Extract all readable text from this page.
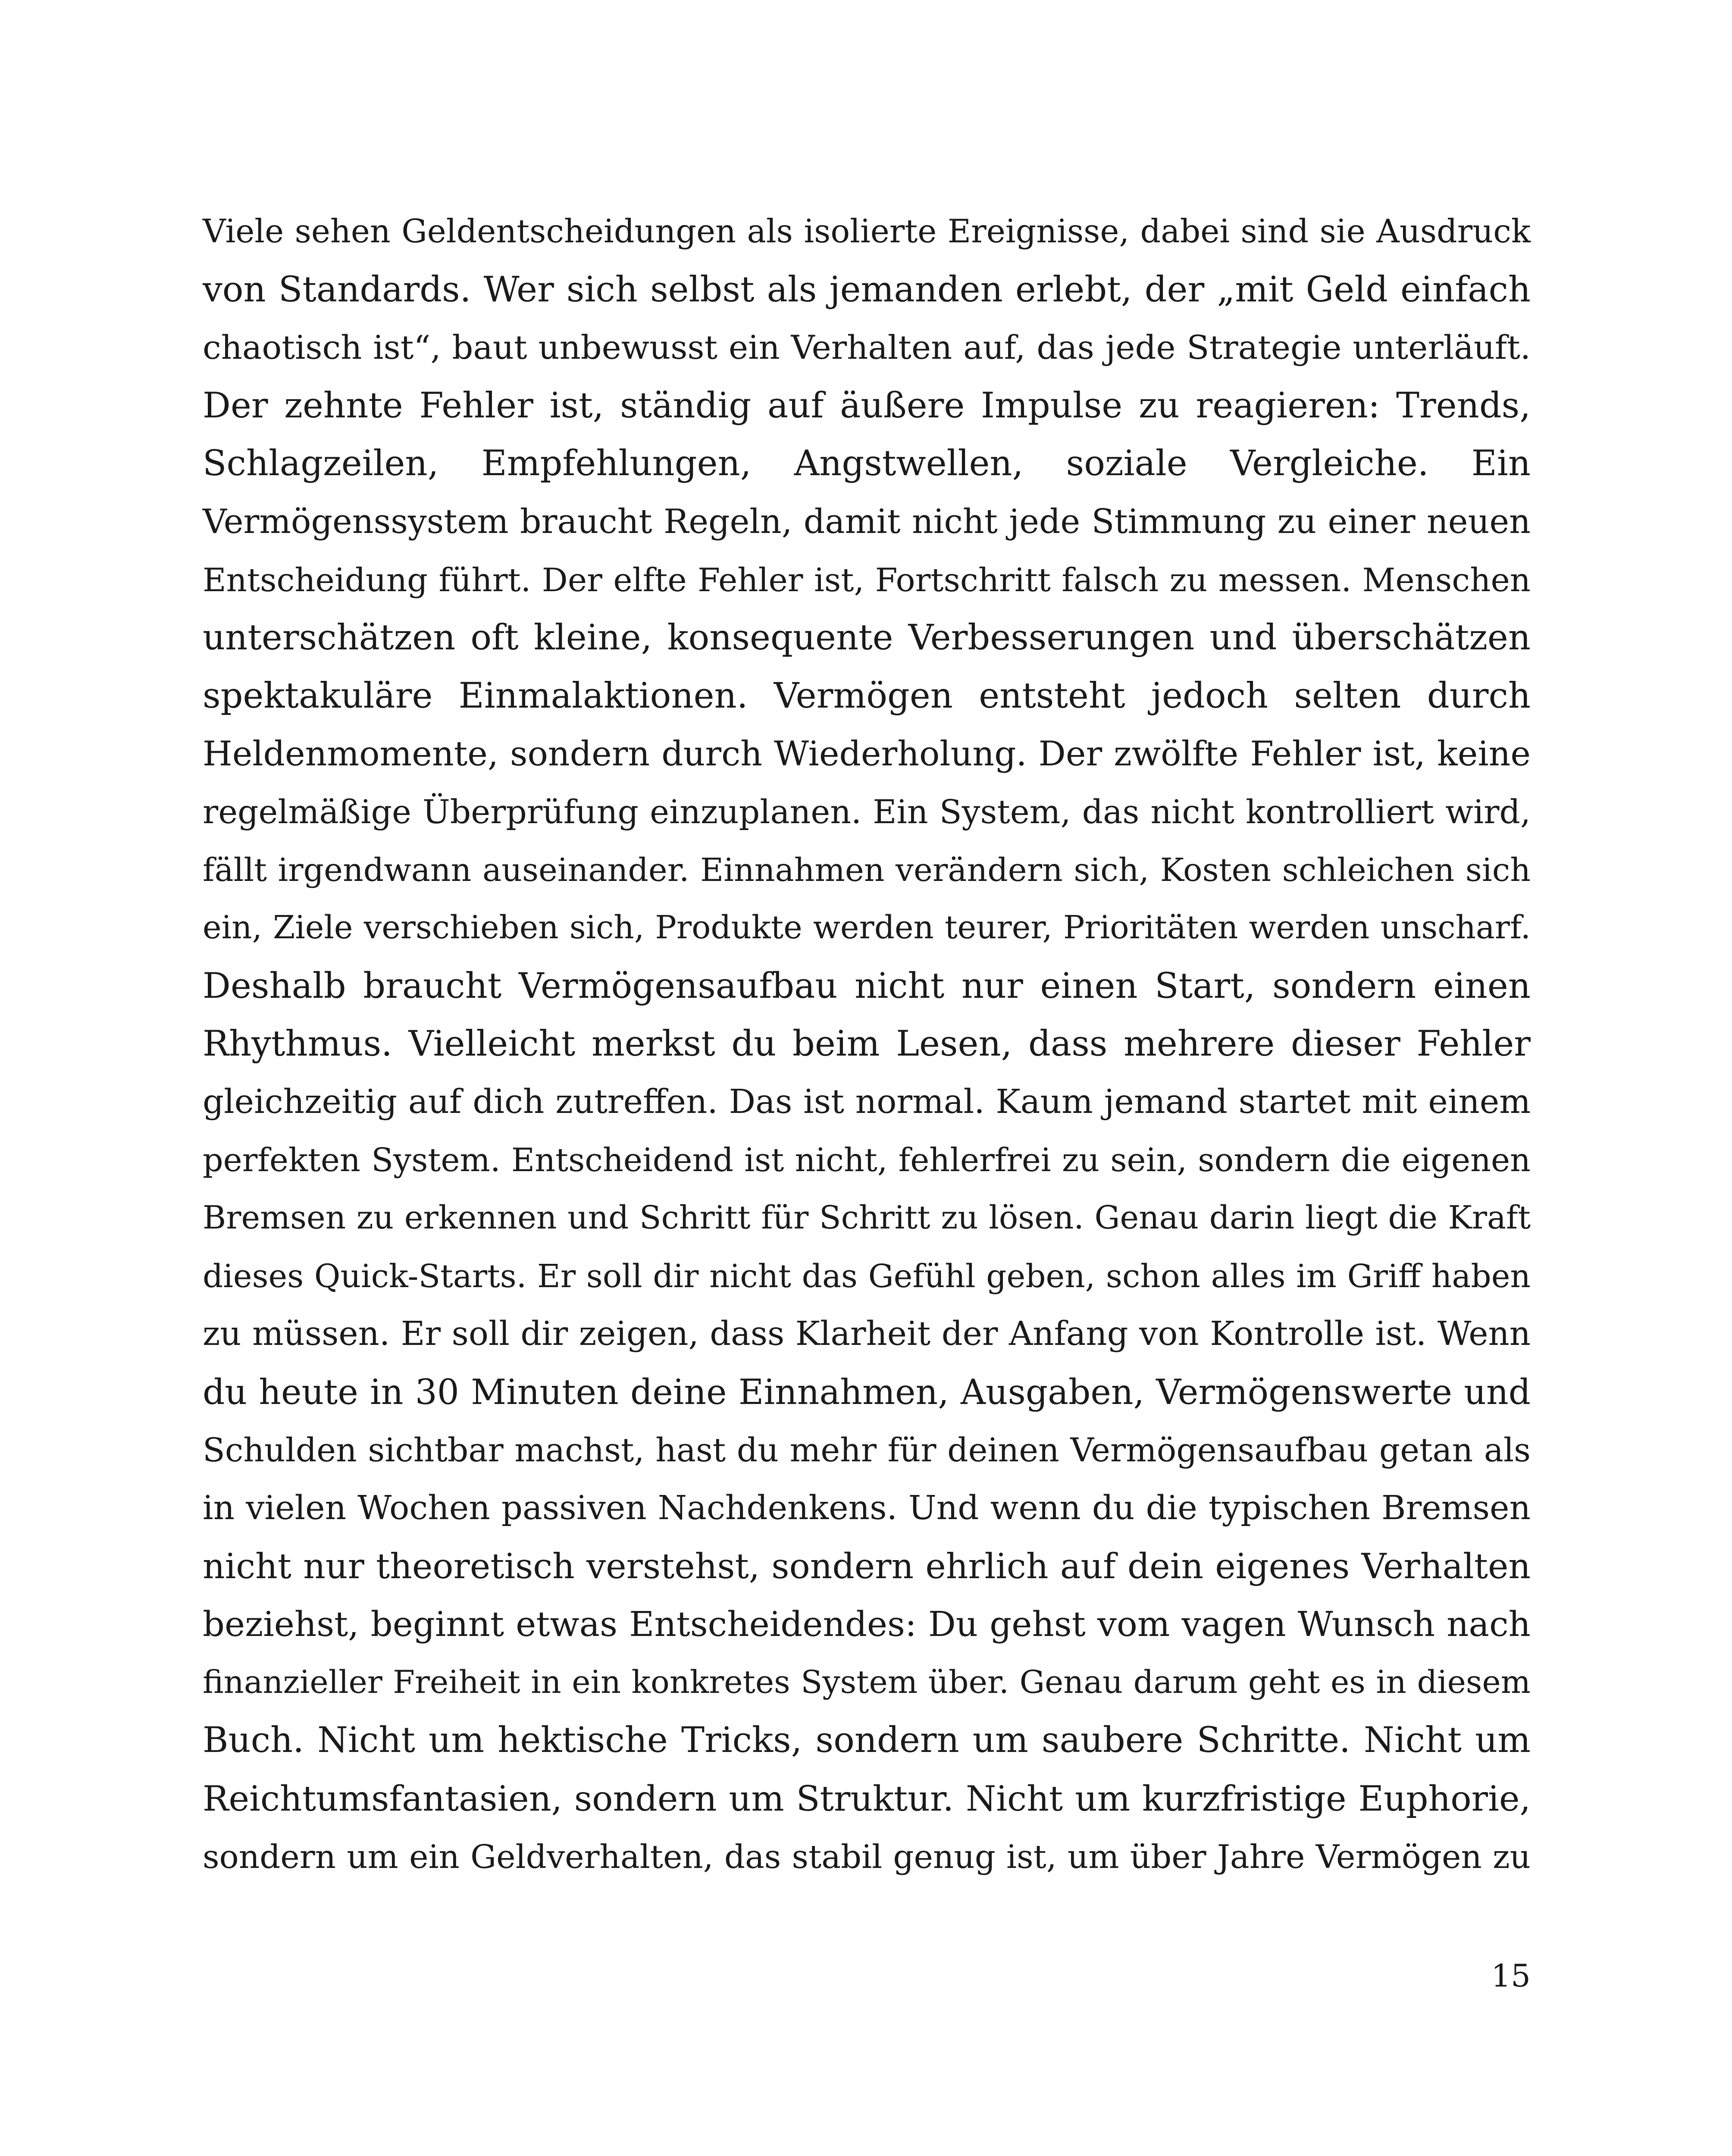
Viele sehen Geldentscheidungen als isolierte Ereignisse, dabei sind sie Ausdruck
von Standards. Wer sich selbst als jemanden erlebt, der „mit Geld einfach
chaotisch ist“, baut unbewusst ein Verhalten auf, das jede Strategie unterläuft.
Der zehnte Fehler ist, ständig auf äußere Impulse zu reagieren: Trends,
Schlagzeilen, Empfehlungen, Angstwellen, soziale Vergleiche. Ein
Vermögenssystem braucht Regeln, damit nicht jede Stimmung zu einer neuen
Entscheidung führt. Der elfte Fehler ist, Fortschritt falsch zu messen. Menschen
unterschätzen oft kleine, konsequente Verbesserungen und überschätzen
spektakuläre Einmalaktionen. Vermögen entsteht jedoch selten durch
Heldenmomente, sondern durch Wiederholung. Der zwölfte Fehler ist, keine
regelmäßige Überprüfung einzuplanen. Ein System, das nicht kontrolliert wird,
fällt irgendwann auseinander. Einnahmen verändern sich, Kosten schleichen sich
ein, Ziele verschieben sich, Produkte werden teurer, Prioritäten werden unscharf.
Deshalb braucht Vermögensaufbau nicht nur einen Start, sondern einen
Rhythmus. Vielleicht merkst du beim Lesen, dass mehrere dieser Fehler
gleichzeitig auf dich zutreffen. Das ist normal. Kaum jemand startet mit einem
perfekten System. Entscheidend ist nicht, fehlerfrei zu sein, sondern die eigenen
Bremsen zu erkennen und Schritt für Schritt zu lösen. Genau darin liegt die Kraft
dieses Quick-Starts. Er soll dir nicht das Gefühl geben, schon alles im Griff haben
zu müssen. Er soll dir zeigen, dass Klarheit der Anfang von Kontrolle ist. Wenn
du heute in 30 Minuten deine Einnahmen, Ausgaben, Vermögenswerte und
Schulden sichtbar machst, hast du mehr für deinen Vermögensaufbau getan als
in vielen Wochen passiven Nachdenkens. Und wenn du die typischen Bremsen
nicht nur theoretisch verstehst, sondern ehrlich auf dein eigenes Verhalten
beziehst, beginnt etwas Entscheidendes: Du gehst vom vagen Wunsch nach
finanzieller Freiheit in ein konkretes System über. Genau darum geht es in diesem
Buch. Nicht um hektische Tricks, sondern um saubere Schritte. Nicht um
Reichtumsfantasien, sondern um Struktur. Nicht um kurzfristige Euphorie,
sondern um ein Geldverhalten, das stabil genug ist, um über Jahre Vermögen zu
15
